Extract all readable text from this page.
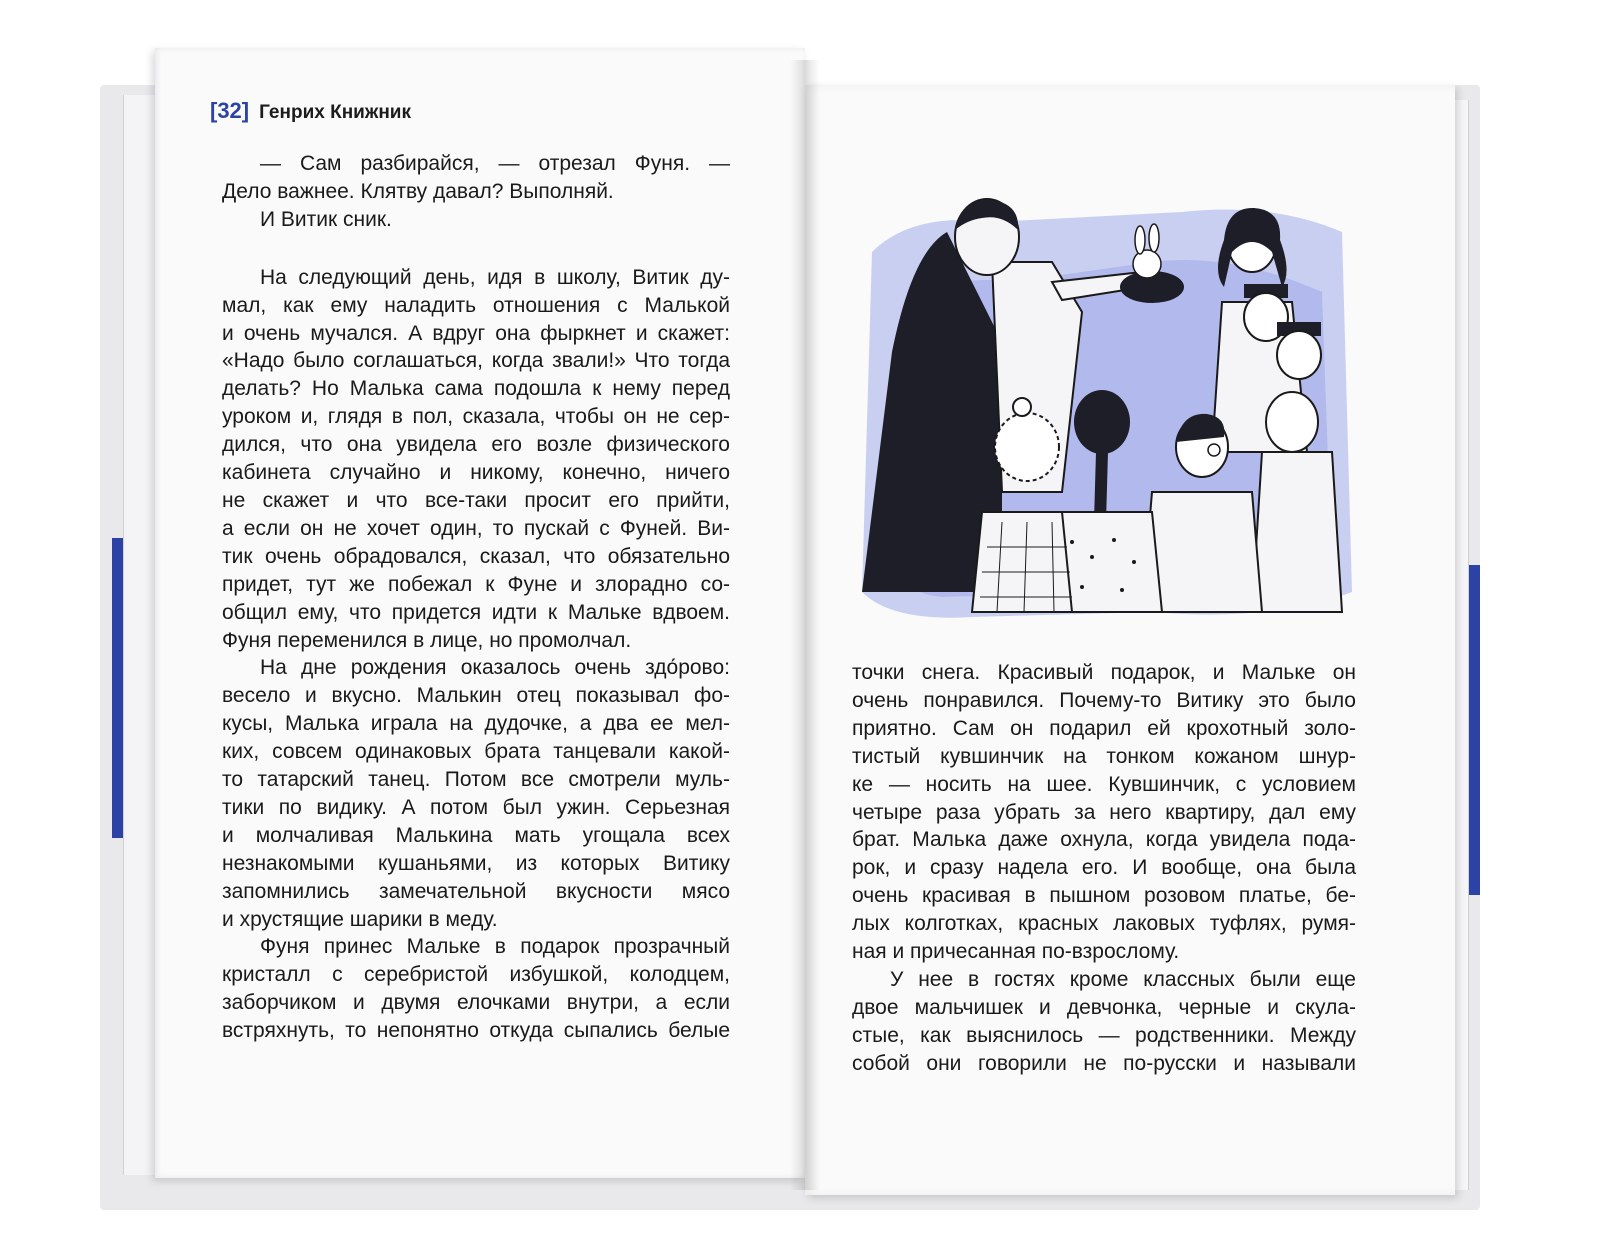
[32] Генрих Книжник
— Сам разбирайся, — отрезал Фуня. —
Дело важнее. Клятву давал? Выполняй.
И Витик сник.
На следующий день, идя в школу, Витик ду-
мал, как ему наладить отношения с Малькой
и очень мучался. А вдруг она фыркнет и скажет:
«Надо было соглашаться, когда звали!» Что тогда
делать? Но Малька сама подошла к нему перед
уроком и, глядя в пол, сказала, чтобы он не сер-
дился, что она увидела его возле физического
кабинета случайно и никому, конечно, ничего
не скажет и что все-таки просит его прийти,
а если он не хочет один, то пускай с Фуней. Ви-
тик очень обрадовался, сказал, что обязательно
придет, тут же побежал к Фуне и злорадно со-
общил ему, что придется идти к Мальке вдвоем.
Фуня переменился в лице, но промолчал.
На дне рождения оказалось очень здо́рово:
весело и вкусно. Малькин отец показывал фо-
кусы, Малька играла на дудочке, а два ее мел-
ких, совсем одинаковых брата танцевали какой-
то татарский танец. Потом все смотрели муль-
тики по видику. А потом был ужин. Серьезная
и молчаливая Малькина мать угощала всех
незнакомыми кушаньями, из которых Витику
запомнились замечательной вкусности мясо
и хрустящие шарики в меду.
Фуня принес Мальке в подарок прозрачный
кристалл с серебристой избушкой, колодцем,
заборчиком и двумя елочками внутри, а если
встряхнуть, то непонятно откуда сыпались белые
точки снега. Красивый подарок, и Мальке он
очень понравился. Почему-то Витику это было
приятно. Сам он подарил ей крохотный золо-
тистый кувшинчик на тонком кожаном шнур-
ке — носить на шее. Кувшинчик, с условием
четыре раза убрать за него квартиру, дал ему
брат. Малька даже охнула, когда увидела пода-
рок, и сразу надела его. И вообще, она была
очень красивая в пышном розовом платье, бе-
лых колготках, красных лаковых туфлях, румя-
ная и причесанная по-взрослому.
У нее в гостях кроме классных были еще
двое мальчишек и девчонка, черные и скула-
стые, как выяснилось — родственники. Между
собой они говорили не по-русски и называли
